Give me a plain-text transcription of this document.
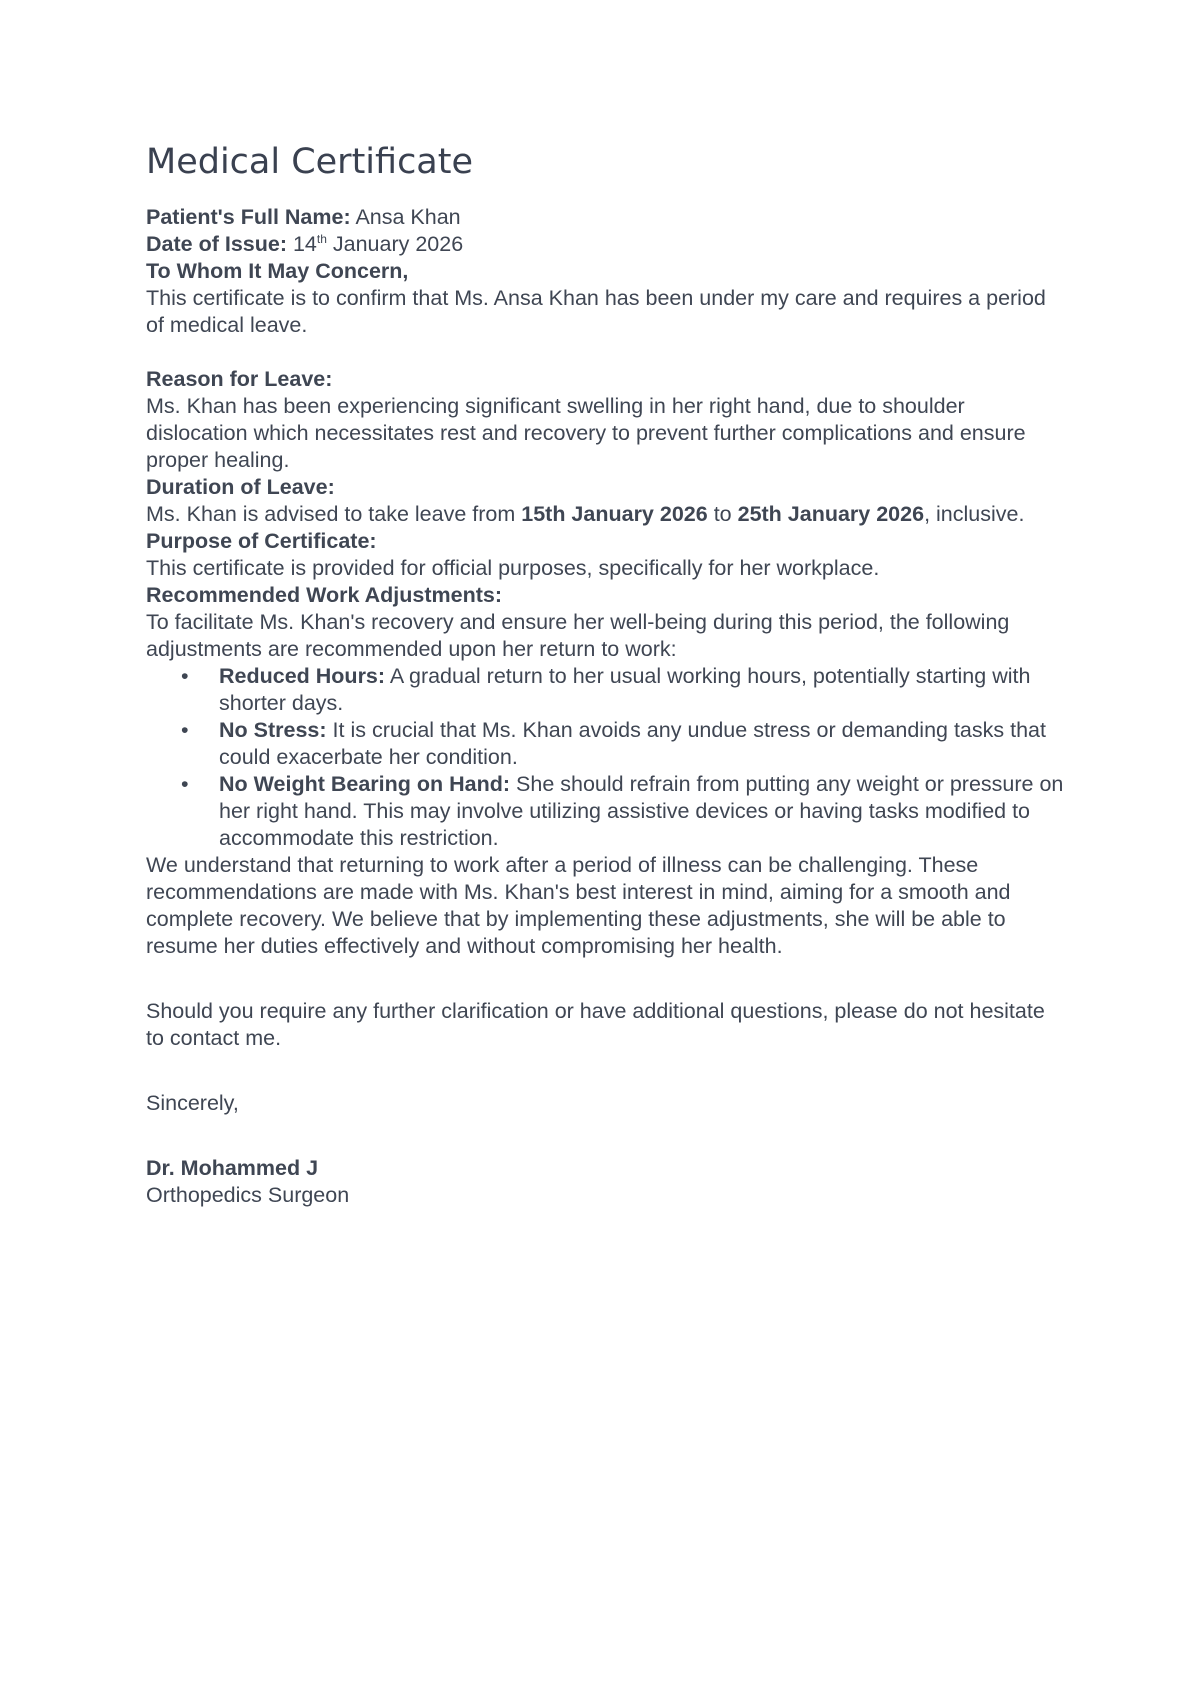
Medical Certificate

Patient's Full Name: Ansa Khan

Date of Issue: 14th January 2026

To Whom It May Concern,

This certificate is to confirm that Ms. Ansa Khan has been under my care and requires a period of medical leave.

Reason for Leave:

Ms. Khan has been experiencing significant swelling in her right hand, due to shoulder dislocation which necessitates rest and recovery to prevent further complications and ensure proper healing.

Duration of Leave:

Ms. Khan is advised to take leave from 15th January 2026 to 25th January 2026, inclusive.

Purpose of Certificate:

This certificate is provided for official purposes, specifically for her workplace.

Recommended Work Adjustments:

To facilitate Ms. Khan's recovery and ensure her well-being during this period, the following adjustments are recommended upon her return to work:

• Reduced Hours: A gradual return to her usual working hours, potentially starting with shorter days.
• No Stress: It is crucial that Ms. Khan avoids any undue stress or demanding tasks that could exacerbate her condition.
• No Weight Bearing on Hand: She should refrain from putting any weight or pressure on her right hand. This may involve utilizing assistive devices or having tasks modified to accommodate this restriction.

We understand that returning to work after a period of illness can be challenging. These recommendations are made with Ms. Khan's best interest in mind, aiming for a smooth and complete recovery. We believe that by implementing these adjustments, she will be able to resume her duties effectively and without compromising her health.

Should you require any further clarification or have additional questions, please do not hesitate to contact me.

Sincerely,

Dr. Mohammed J

Orthopedics Surgeon
